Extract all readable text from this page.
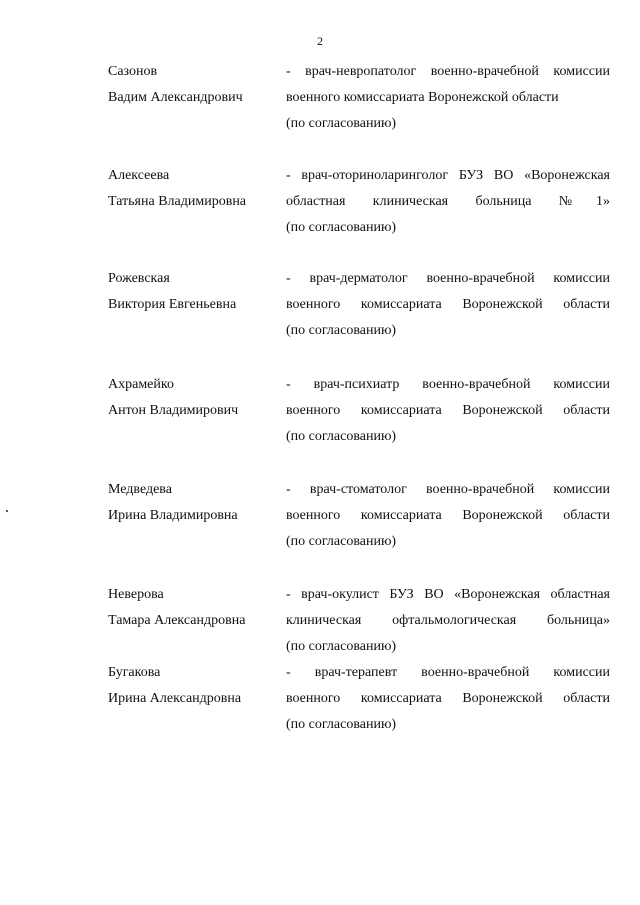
2
Сазонов
Вадим Александрович
- врач-невропатолог военно-врачебной комиссии
военного комиссариата Воронежской области
(по согласованию)
Алексеева
Татьяна Владимировна
- врач-оториноларинголог БУЗ ВО «Воронежская
областная клиническая больница №1»
(по согласованию)
Рожевская
Виктория Евгеньевна
- врач-дерматолог военно-врачебной комиссии
военного комиссариата Воронежской области
(по согласованию)
Ахрамейко
Антон Владимирович
- врач-психиатр военно-врачебной комиссии
военного комиссариата Воронежской области
(по согласованию)
Медведева
Ирина Владимировна
- врач-стоматолог военно-врачебной комиссии
военного комиссариата Воронежской области
(по согласованию)
Неверова
Тамара Александровна
- врач-окулист БУЗ ВО «Воронежская областная
клиническая офтальмологическая больница»
(по согласованию)
Бугакова
Ирина Александровна
- врач-терапевт военно-врачебной комиссии
военного комиссариата Воронежской области
(по согласованию)
